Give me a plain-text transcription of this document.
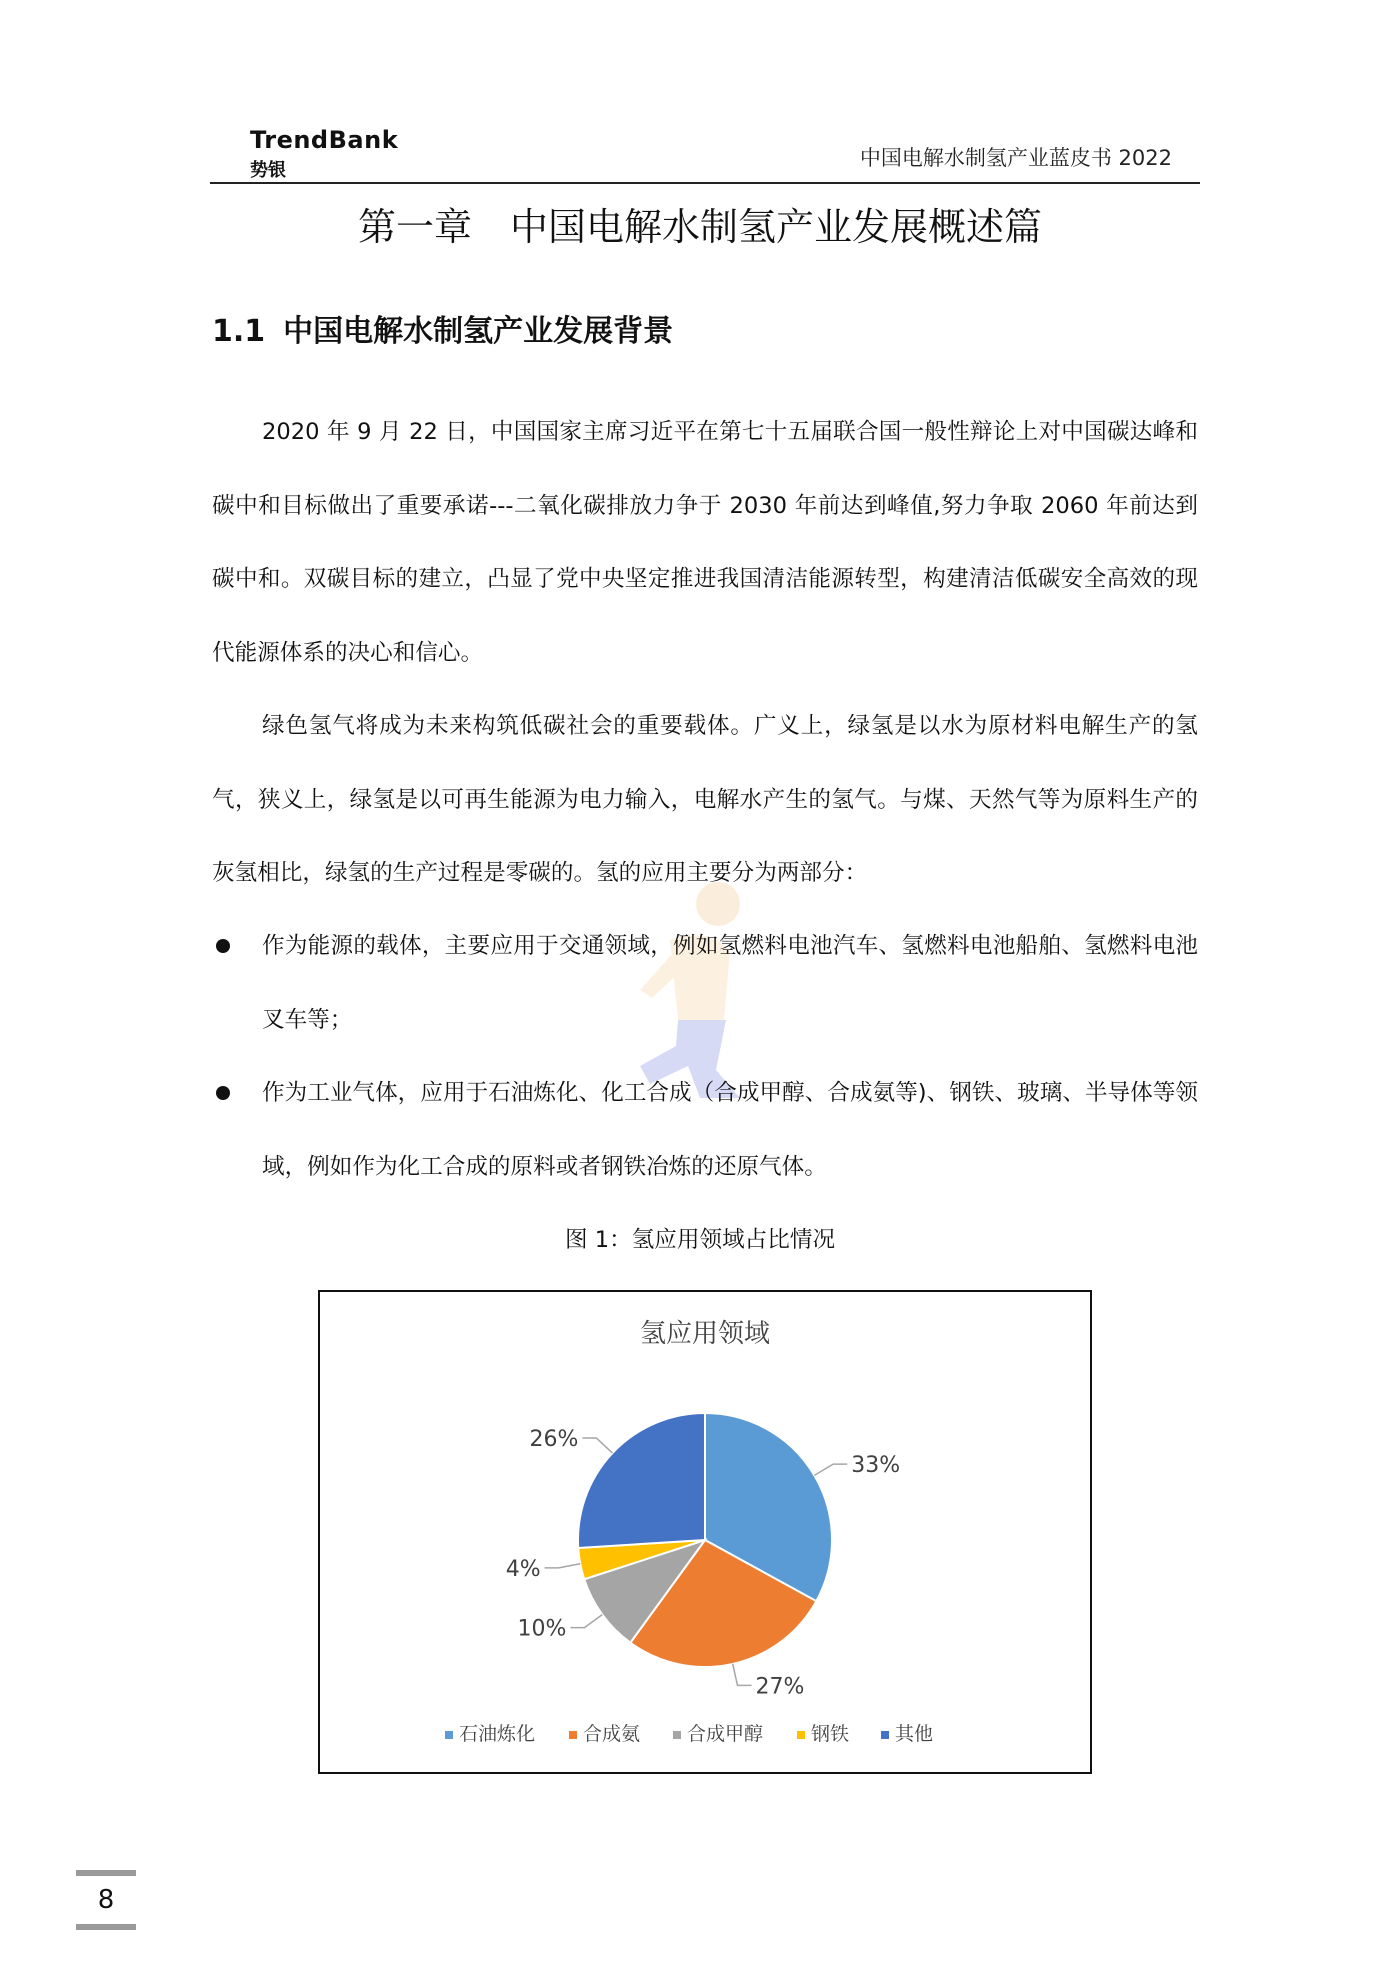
TrendBank
势银
中国电解水制氢产业蓝皮书 2022
第一章　中国电解水制氢产业发展概述篇
1.1 中国电解水制氢产业发展背景

2020 年 9 月 22 日，中国国家主席习近平在第七十五届联合国一般性辩论上对中国碳达峰和碳中和目标做出了重要承诺---二氧化碳排放力争于 2030 年前达到峰值,努力争取 2060 年前达到碳中和。双碳目标的建立，凸显了党中央坚定推进我国清洁能源转型，构建清洁低碳安全高效的现代能源体系的决心和信心。

绿色氢气将成为未来构筑低碳社会的重要载体。广义上，绿氢是以水为原材料电解生产的氢气，狭义上，绿氢是以可再生能源为电力输入，电解水产生的氢气。与煤、天然气等为原料生产的灰氢相比，绿氢的生产过程是零碳的。氢的应用主要分为两部分：

作为能源的载体，主要应用于交通领域，例如氢燃料电池汽车、氢燃料电池船舶、氢燃料电池叉车等；
作为工业气体，应用于石油炼化、化工合成（合成甲醇、合成氨等)、钢铁、玻璃、半导体等领域，例如作为化工合成的原料或者钢铁冶炼的还原气体。
图 1：氢应用领域占比情况
氢应用领域
33%
27%
10%
4%
26%
石油炼化	合成氨 合成甲醇	钢铁 其他
8
